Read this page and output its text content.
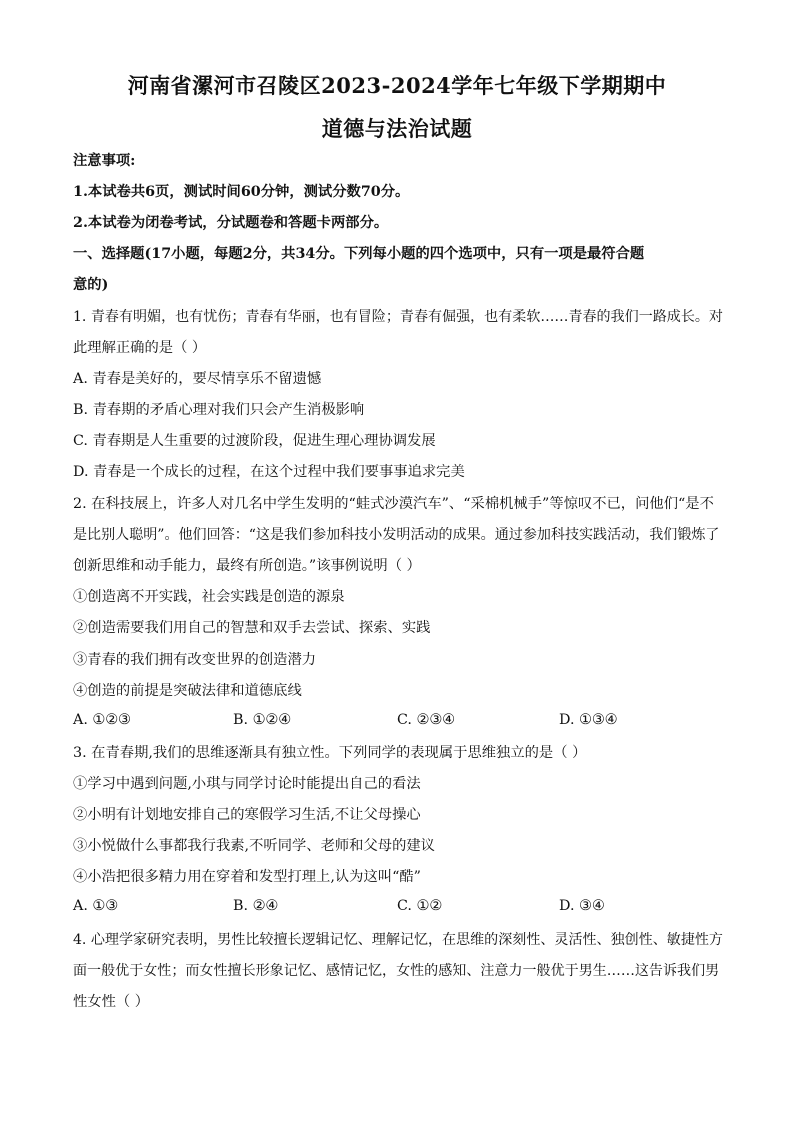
河南省漯河市召陵区2023-2024学年七年级下学期期中
道德与法治试题
注意事项:
1.本试卷共6页，测试时间60分钟，测试分数70分。
2.本试卷为闭卷考试，分试题卷和答题卡两部分。
一、选择题(17小题，每题2分，共34分。下列每小题的四个选项中，只有一项是最符合题
意的)
1. 青春有明媚，也有忧伤；青春有华丽，也有冒险；青春有倔强，也有柔软……青春的我们一路成长。对
此理解正确的是（ ）
A. 青春是美好的，要尽情享乐不留遗憾
B. 青春期的矛盾心理对我们只会产生消极影响
C. 青春期是人生重要的过渡阶段，促进生理心理协调发展
D. 青春是一个成长的过程，在这个过程中我们要事事追求完美
2. 在科技展上，许多人对几名中学生发明的“蛙式沙漠汽车”、“采棉机械手”等惊叹不已，问他们“是不
是比别人聪明”。他们回答：“这是我们参加科技小发明活动的成果。通过参加科技实践活动，我们锻炼了
创新思维和动手能力，最终有所创造。”该事例说明（ ）
①创造离不开实践，社会实践是创造的源泉
②创造需要我们用自己的智慧和双手去尝试、探索、实践
③青春的我们拥有改变世界的创造潜力
④创造的前提是突破法律和道德底线
A. ①②③	B. ①②④	C. ②③④	D. ①③④
3. 在青春期,我们的思维逐渐具有独立性。下列同学的表现属于思维独立的是（ ）
①学习中遇到问题,小琪与同学讨论时能提出自己的看法
②小明有计划地安排自己的寒假学习生活,不让父母操心
③小悦做什么事都我行我素,不听同学、老师和父母的建议
④小浩把很多精力用在穿着和发型打理上,认为这叫“酷”
A. ①③	B. ②④	C. ①②	D. ③④
4. 心理学家研究表明，男性比较擅长逻辑记忆、理解记忆，在思维的深刻性、灵活性、独创性、敏捷性方
面一般优于女性；而女性擅长形象记忆、感情记忆，女性的感知、注意力一般优于男生……这告诉我们男
性女性（ ）
